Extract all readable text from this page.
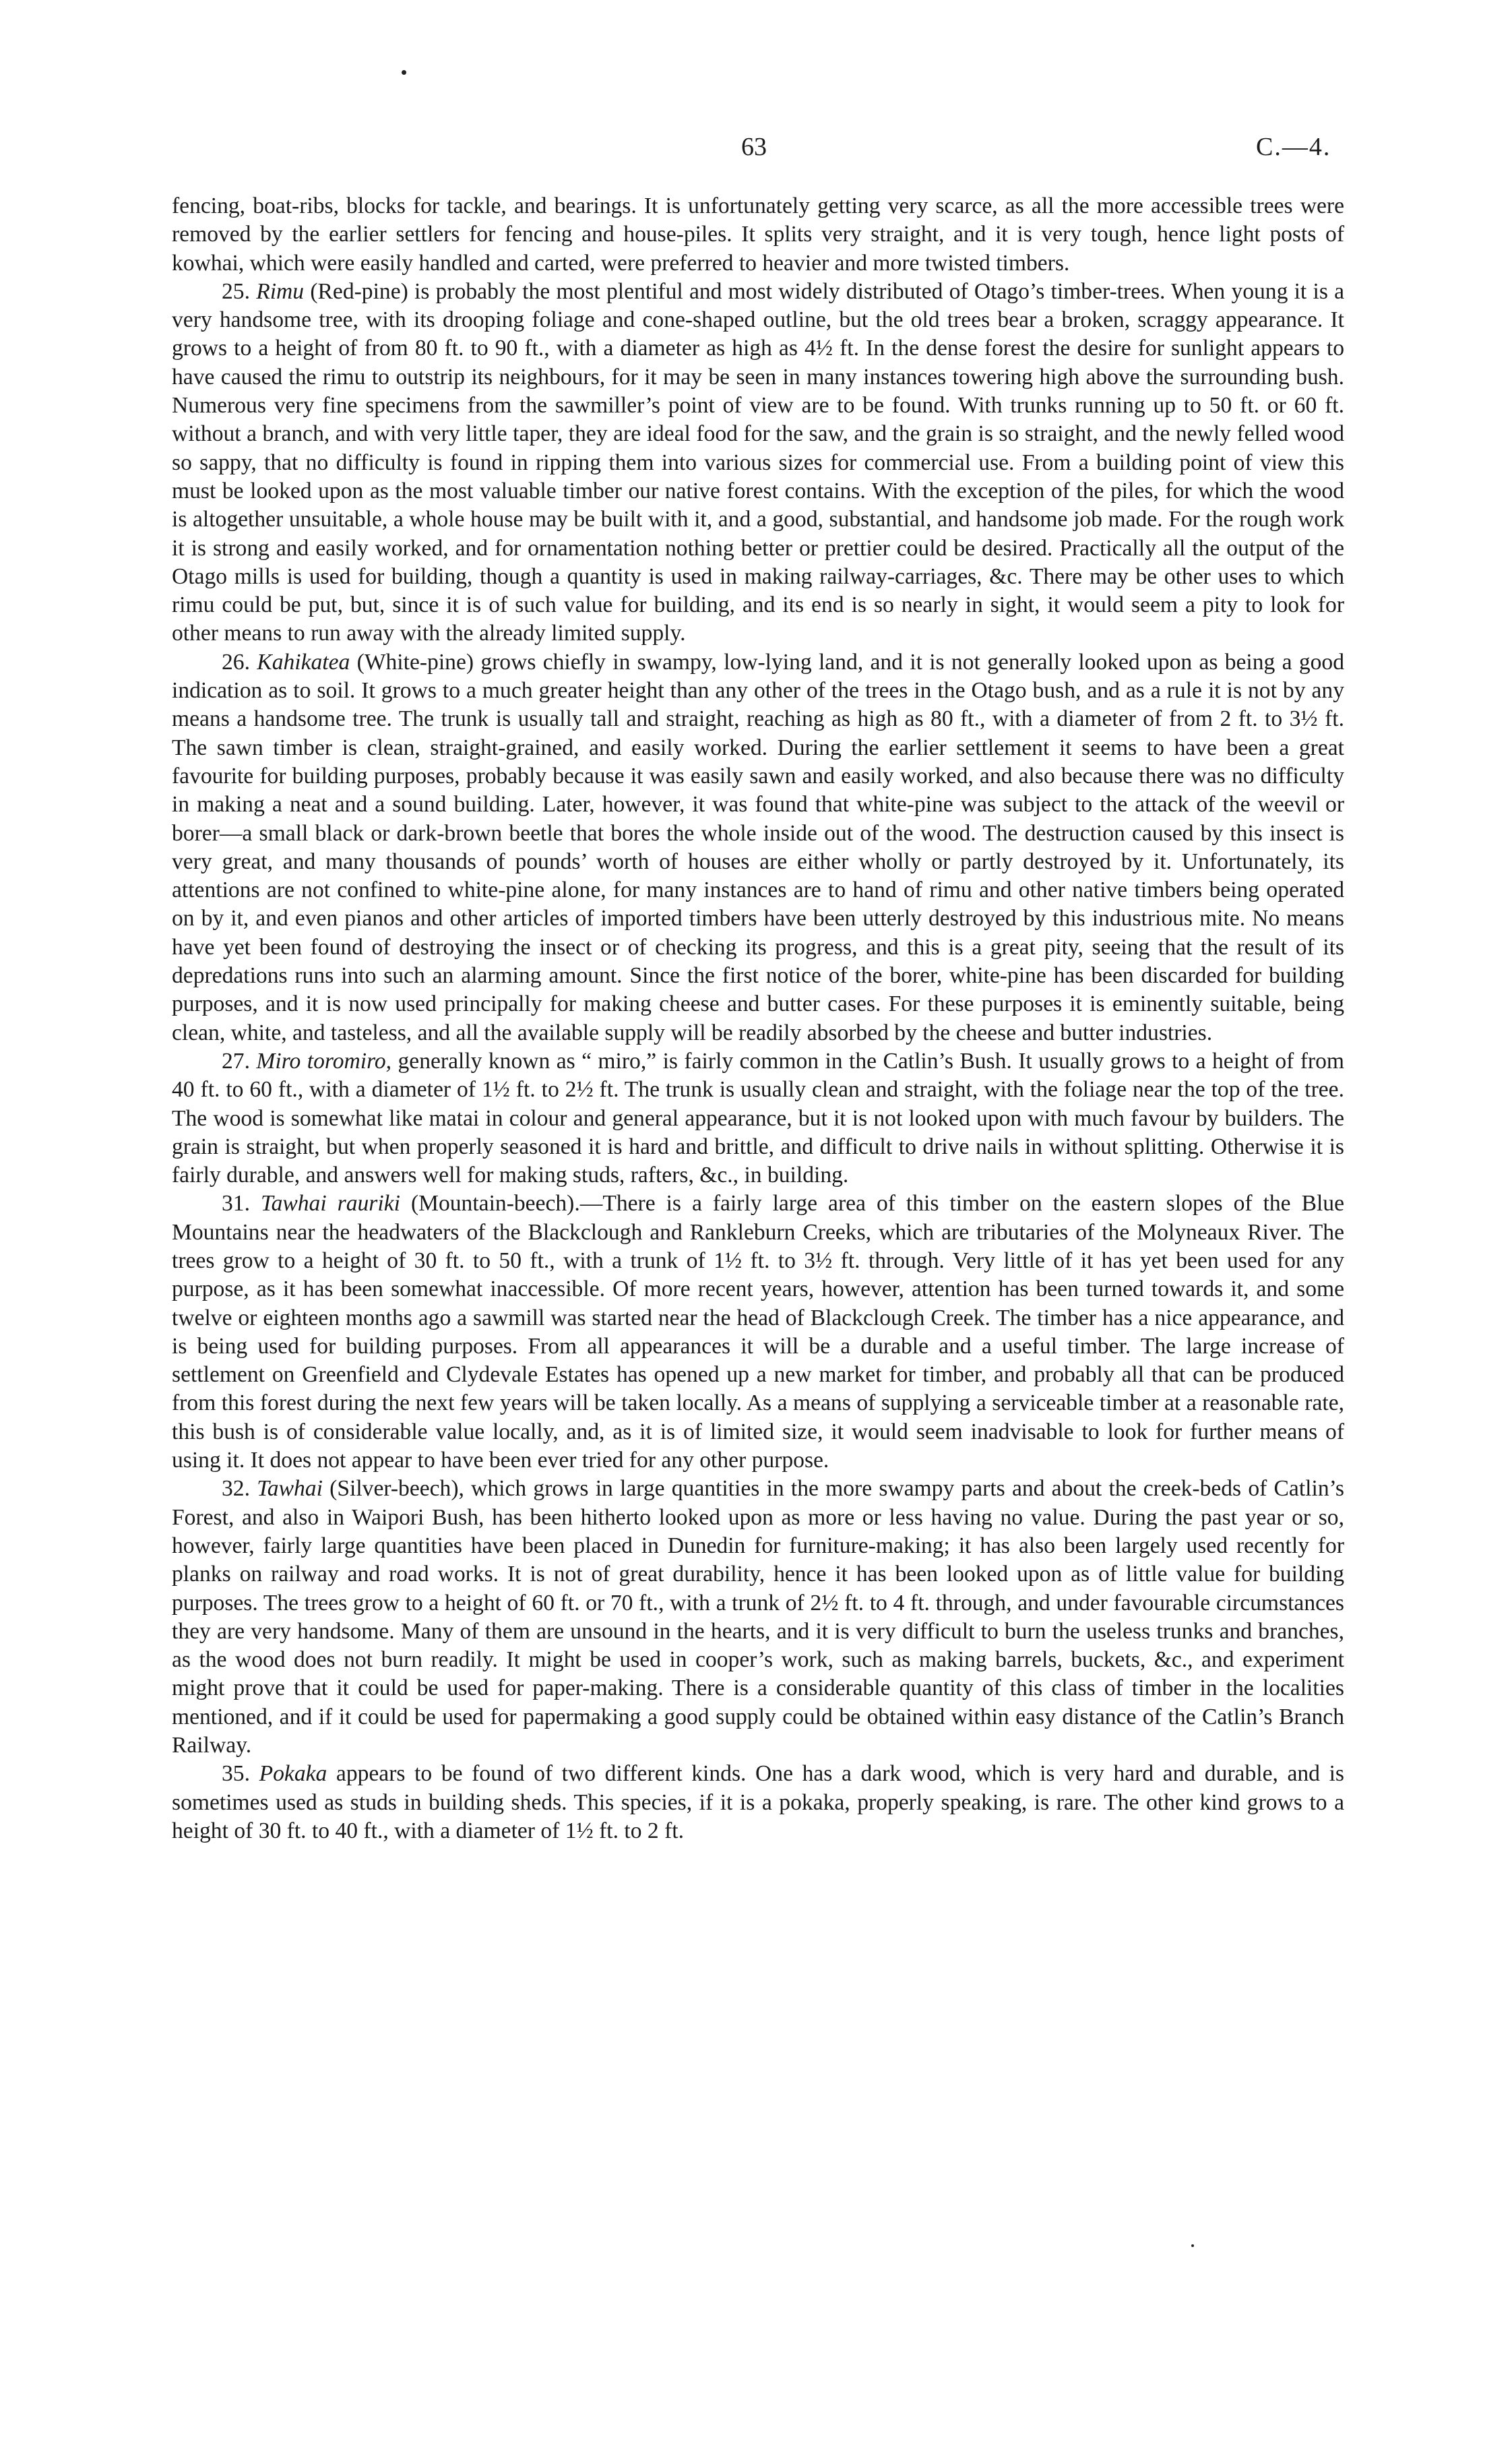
63	C.—4.

fencing, boat-ribs, blocks for tackle, and bearings. It is unfortunately getting very scarce, as all the more accessible trees were removed by the earlier settlers for fencing and house-piles. It splits very straight, and it is very tough, hence light posts of kowhai, which were easily handled and carted, were preferred to heavier and more twisted timbers.

25. Rimu (Red-pine) is probably the most plentiful and most widely distributed of Otago’s timber-trees. When young it is a very handsome tree, with its drooping foliage and cone-shaped outline, but the old trees bear a broken, scraggy appearance. It grows to a height of from 80 ft. to 90 ft., with a diameter as high as 4½ ft. In the dense forest the desire for sunlight appears to have caused the rimu to outstrip its neighbours, for it may be seen in many instances towering high above the surrounding bush. Numerous very fine specimens from the sawmiller’s point of view are to be found. With trunks running up to 50 ft. or 60 ft. without a branch, and with very little taper, they are ideal food for the saw, and the grain is so straight, and the newly felled wood so sappy, that no difficulty is found in ripping them into various sizes for commercial use. From a building point of view this must be looked upon as the most valuable timber our native forest contains. With the exception of the piles, for which the wood is altogether unsuitable, a whole house may be built with it, and a good, substantial, and handsome job made. For the rough work it is strong and easily worked, and for ornamentation nothing better or prettier could be desired. Practically all the output of the Otago mills is used for building, though a quantity is used in making railway-carriages, &c. There may be other uses to which rimu could be put, but, since it is of such value for building, and its end is so nearly in sight, it would seem a pity to look for other means to run away with the already limited supply.

26. Kahikatea (White-pine) grows chiefly in swampy, low-lying land, and it is not generally looked upon as being a good indication as to soil. It grows to a much greater height than any other of the trees in the Otago bush, and as a rule it is not by any means a handsome tree. The trunk is usually tall and straight, reaching as high as 80 ft., with a diameter of from 2 ft. to 3½ ft. The sawn timber is clean, straight-grained, and easily worked. During the earlier settlement it seems to have been a great favourite for building purposes, probably because it was easily sawn and easily worked, and also because there was no difficulty in making a neat and a sound building. Later, however, it was found that white-pine was subject to the attack of the weevil or borer—a small black or dark-brown beetle that bores the whole inside out of the wood. The destruction caused by this insect is very great, and many thousands of pounds’ worth of houses are either wholly or partly destroyed by it. Unfortunately, its attentions are not confined to white-pine alone, for many instances are to hand of rimu and other native timbers being operated on by it, and even pianos and other articles of imported timbers have been utterly destroyed by this industrious mite. No means have yet been found of destroying the insect or of checking its progress, and this is a great pity, seeing that the result of its depredations runs into such an alarming amount. Since the first notice of the borer, white-pine has been discarded for building purposes, and it is now used principally for making cheese and butter cases. For these purposes it is eminently suitable, being clean, white, and tasteless, and all the available supply will be readily absorbed by the cheese and butter industries.

27. Miro toromiro, generally known as “ miro,” is fairly common in the Catlin’s Bush. It usually grows to a height of from 40 ft. to 60 ft., with a diameter of 1½ ft. to 2½ ft. The trunk is usually clean and straight, with the foliage near the top of the tree. The wood is somewhat like matai in colour and general appearance, but it is not looked upon with much favour by builders. The grain is straight, but when properly seasoned it is hard and brittle, and difficult to drive nails in without splitting. Otherwise it is fairly durable, and answers well for making studs, rafters, &c., in building.

31. Tawhai rauriki (Mountain-beech).—There is a fairly large area of this timber on the eastern slopes of the Blue Mountains near the headwaters of the Blackclough and Rankleburn Creeks, which are tributaries of the Molyneaux River. The trees grow to a height of 30 ft. to 50 ft., with a trunk of 1½ ft. to 3½ ft. through. Very little of it has yet been used for any purpose, as it has been somewhat inaccessible. Of more recent years, however, attention has been turned towards it, and some twelve or eighteen months ago a sawmill was started near the head of Blackclough Creek. The timber has a nice appearance, and is being used for building purposes. From all appearances it will be a durable and a useful timber. The large increase of settlement on Greenfield and Clydevale Estates has opened up a new market for timber, and probably all that can be produced from this forest during the next few years will be taken locally. As a means of supplying a serviceable timber at a reasonable rate, this bush is of considerable value locally, and, as it is of limited size, it would seem inadvisable to look for further means of using it. It does not appear to have been ever tried for any other purpose.

32. Tawhai (Silver-beech), which grows in large quantities in the more swampy parts and about the creek-beds of Catlin’s Forest, and also in Waipori Bush, has been hitherto looked upon as more or less having no value. During the past year or so, however, fairly large quantities have been placed in Dunedin for furniture-making; it has also been largely used recently for planks on railway and road works. It is not of great durability, hence it has been looked upon as of little value for building purposes. The trees grow to a height of 60 ft. or 70 ft., with a trunk of 2½ ft. to 4 ft. through, and under favourable circumstances they are very handsome. Many of them are unsound in the hearts, and it is very difficult to burn the useless trunks and branches, as the wood does not burn readily. It might be used in cooper’s work, such as making barrels, buckets, &c., and experiment might prove that it could be used for paper-making. There is a considerable quantity of this class of timber in the localities mentioned, and if it could be used for papermaking a good supply could be obtained within easy distance of the Catlin’s Branch Railway.

35. Pokaka appears to be found of two different kinds. One has a dark wood, which is very hard and durable, and is sometimes used as studs in building sheds. This species, if it is a pokaka, properly speaking, is rare. The other kind grows to a height of 30 ft. to 40 ft., with a diameter of 1½ ft. to 2 ft.
